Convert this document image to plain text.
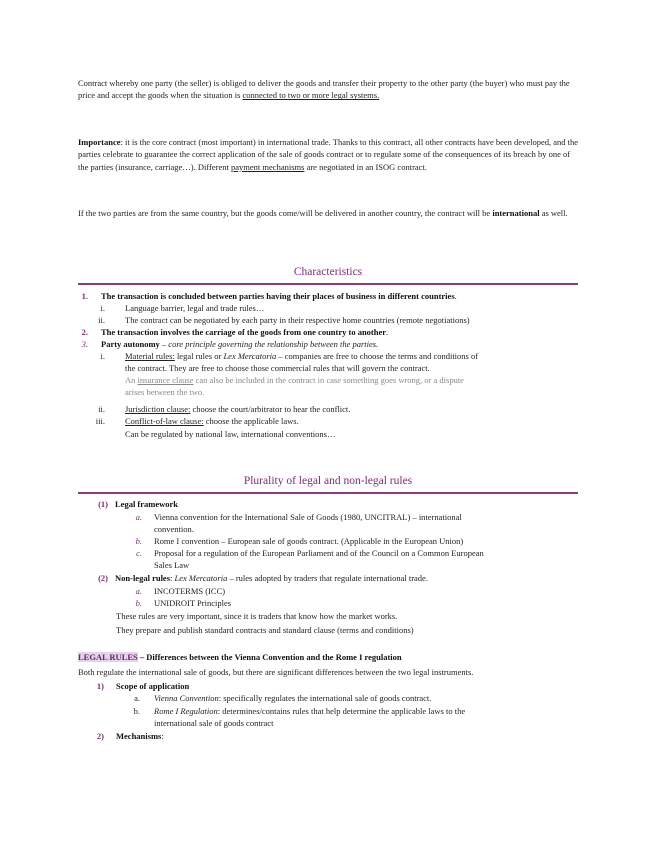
Contract whereby one party (the seller) is obliged to deliver the goods and transfer their property to the other party (the buyer) who must pay the price and accept the goods when the situation is connected to two or more legal systems.

Importance: it is the core contract (most important) in international trade. Thanks to this contract, all other contracts have been developed, and the parties celebrate to guarantee the correct application of the sale of goods contract or to regulate some of the consequences of its breach by one of the parties (insurance, carriage…). Different payment mechanisms are negotiated in an ISOG contract.

If the two parties are from the same country, but the goods come/will be delivered in another country, the contract will be international as well.

Characteristics
1. The transaction is concluded between parties having their places of business in different countries.
i. Language barrier, legal and trade rules…
ii. The contract can be negotiated by each party in their respective home countries (remote negotiations)
2. The transaction involves the carriage of the goods from one country to another.
3. Party autonomy – core principle governing the relationship between the parties.
i. Material rules: legal rules or Lex Mercatoria – companies are free to choose the terms and conditions of
the contract. They are free to choose those commercial rules that will govern the contract.
An insurance clause can also be included in the contract in case something goes wrong, or a dispute
arises between the two.
ii. Jurisdiction clause: choose the court/arbitrator to hear the conflict.
iii. Conflict-of-law clause: choose the applicable laws.
Can be regulated by national law, international conventions…
Plurality of legal and non-legal rules
(1) Legal framework
a. Vienna convention for the International Sale of Goods (1980, UNCITRAL) – international
convention.
b. Rome I convention – European sale of goods contract. (Applicable in the European Union)
c. Proposal for a regulation of the European Parliament and of the Council on a Common European
Sales Law
(2) Non-legal rules: Lex Mercatoria – rules adopted by traders that regulate international trade.
a. INCOTERMS (ICC)
b. UNIDROIT Principles
These rules are very important, since it is traders that know how the market works.
They prepare and publish standard contracts and standard clause (terms and conditions)
LEGAL RULES – Differences between the Vienna Convention and the Rome I regulation
Both regulate the international sale of goods, but there are significant differences between the two legal instruments.
1) Scope of application
a. Vienna Convention: specifically regulates the international sale of goods contract.
b. Rome I Regulation: determines/contains rules that help determine the applicable laws to the
international sale of goods contract
2) Mechanisms:
